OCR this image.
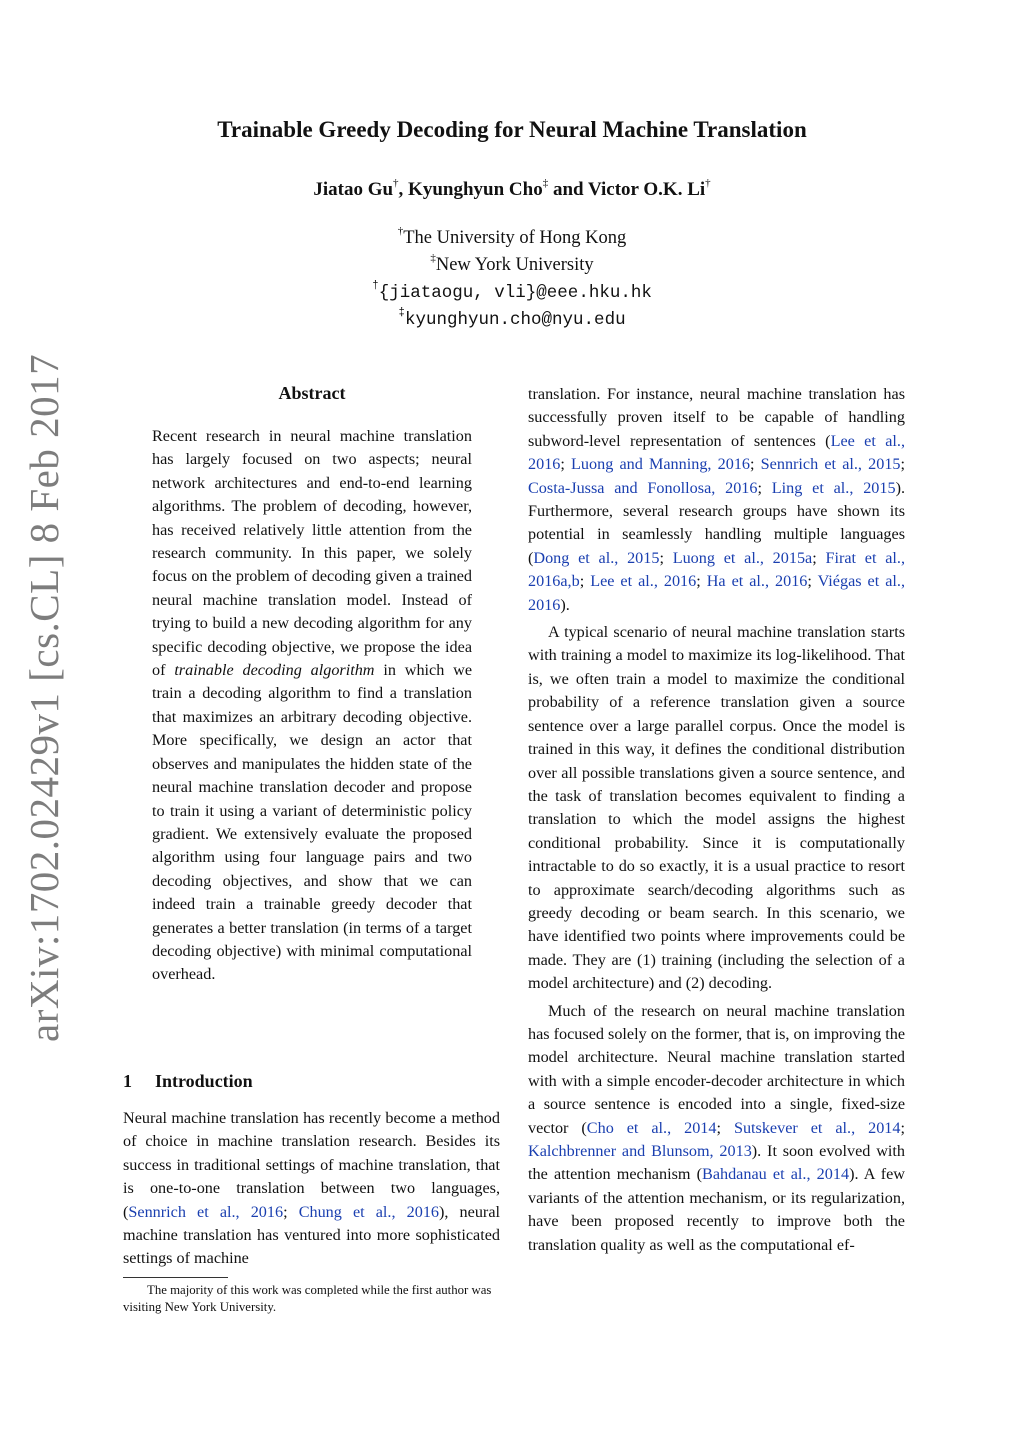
arXiv:1702.02429v1 [cs.CL] 8 Feb 2017
Trainable Greedy Decoding for Neural Machine Translation
Jiatao Gu†, Kyunghyun Cho‡ and Victor O.K. Li†
†The University of Hong Kong
‡New York University
†{jiataogu, vli}@eee.hku.hk
‡kyunghyun.cho@nyu.edu
Abstract

Recent research in neural machine translation has largely focused on two aspects; neural network architectures and end-to-end learning algorithms. The problem of decoding, however, has received relatively little attention from the research community. In this paper, we solely focus on the problem of decoding given a trained neural machine translation model. Instead of trying to build a new decoding algorithm for any specific decoding objective, we propose the idea of trainable decoding algorithm in which we train a decoding algorithm to find a translation that maximizes an arbitrary decoding objective. More specifically, we design an actor that observes and manipulates the hidden state of the neural machine translation decoder and propose to train it using a variant of deterministic policy gradient. We extensively evaluate the proposed algorithm using four language pairs and two decoding objectives, and show that we can indeed train a trainable greedy decoder that generates a better translation (in terms of a target decoding objective) with minimal computational overhead.

1 Introduction

Neural machine translation has recently become a method of choice in machine translation research. Besides its success in traditional settings of machine translation, that is one-to-one translation between two languages, (Sennrich et al., 2016; Chung et al., 2016), neural machine translation has ventured into more sophisticated settings of machine

The majority of this work was completed while the first author was visiting New York University.

translation. For instance, neural machine translation has successfully proven itself to be capable of handling subword-level representation of sentences (Lee et al., 2016; Luong and Manning, 2016; Sennrich et al., 2015; Costa-Jussa and Fonollosa, 2016; Ling et al., 2015). Furthermore, several research groups have shown its potential in seamlessly handling multiple languages (Dong et al., 2015; Luong et al., 2015a; Firat et al., 2016a,b; Lee et al., 2016; Ha et al., 2016; Viégas et al., 2016).

A typical scenario of neural machine translation starts with training a model to maximize its log-likelihood. That is, we often train a model to maximize the conditional probability of a reference translation given a source sentence over a large parallel corpus. Once the model is trained in this way, it defines the conditional distribution over all possible translations given a source sentence, and the task of translation becomes equivalent to finding a translation to which the model assigns the highest conditional probability. Since it is computationally intractable to do so exactly, it is a usual practice to resort to approximate search/decoding algorithms such as greedy decoding or beam search. In this scenario, we have identified two points where improvements could be made. They are (1) training (including the selection of a model architecture) and (2) decoding.

Much of the research on neural machine translation has focused solely on the former, that is, on improving the model architecture. Neural machine translation started with with a simple encoder-decoder architecture in which a source sentence is encoded into a single, fixed-size vector (Cho et al., 2014; Sutskever et al., 2014; Kalchbrenner and Blunsom, 2013). It soon evolved with the attention mechanism (Bahdanau et al., 2014). A few variants of the attention mechanism, or its regularization, have been proposed recently to improve both the translation quality as well as the computational ef-
